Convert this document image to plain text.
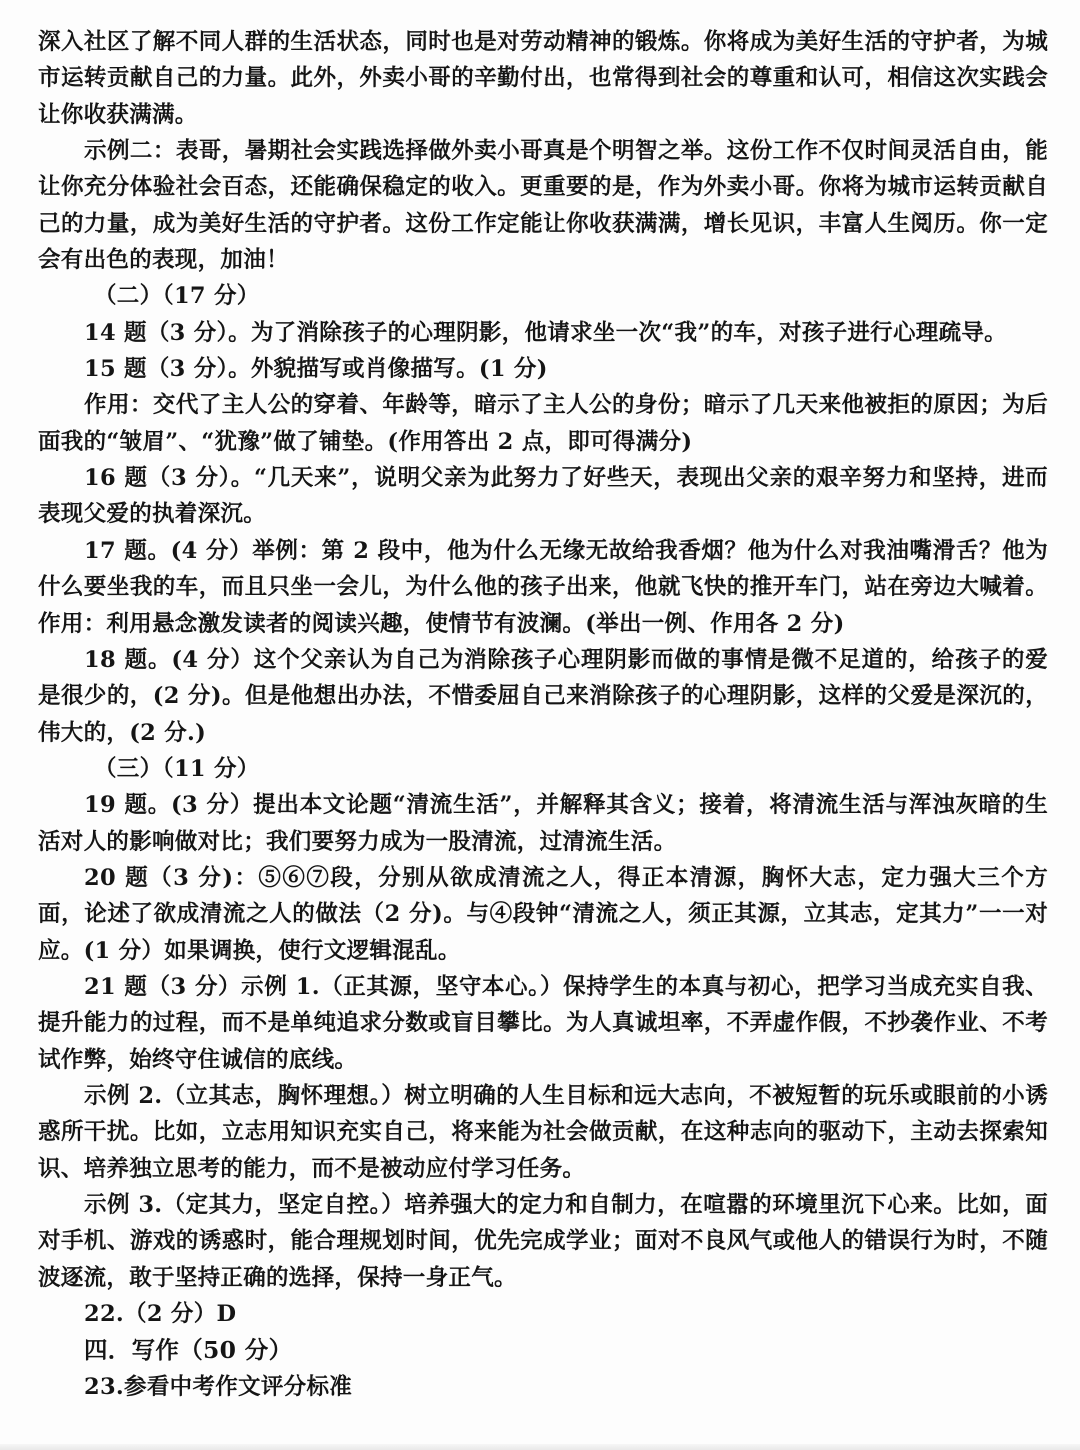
深入社区了解不同人群的生活状态，同时也是对劳动精神的锻炼。你将成为美好生活的守护者，为城市运转贡献自己的力量。此外，外卖小哥的辛勤付出，也常得到社会的尊重和认可，相信这次实践会让你收获满满。

示例二：表哥，暑期社会实践选择做外卖小哥真是个明智之举。这份工作不仅时间灵活自由，能让你充分体验社会百态，还能确保稳定的收入。更重要的是，作为外卖小哥。你将为城市运转贡献自己的力量，成为美好生活的守护者。这份工作定能让你收获满满，增长见识，丰富人生阅历。你一定会有出色的表现，加油！

（二）（17 分）

14 题（3 分）。为了消除孩子的心理阴影，他请求坐一次“我”的车，对孩子进行心理疏导。

15 题（3 分）。外貌描写或肖像描写。(1 分)

作用：交代了主人公的穿着、年龄等，暗示了主人公的身份；暗示了几天来他被拒的原因；为后面我的“皱眉”、“犹豫”做了铺垫。(作用答出 2 点，即可得满分)

16 题（3 分）。“几天来”，说明父亲为此努力了好些天，表现出父亲的艰辛努力和坚持，进而表现父爱的执着深沉。

17 题。(4 分）举例：第 2 段中，他为什么无缘无故给我香烟？他为什么对我油嘴滑舌？他为什么要坐我的车，而且只坐一会儿，为什么他的孩子出来，他就飞快的推开车门，站在旁边大喊着。作用：利用悬念激发读者的阅读兴趣，使情节有波澜。(举出一例、作用各 2 分)

18 题。(4 分）这个父亲认为自己为消除孩子心理阴影而做的事情是微不足道的，给孩子的爱是很少的，(2 分)。但是他想出办法，不惜委屈自己来消除孩子的心理阴影，这样的父爱是深沉的，伟大的，(2 分.)

（三）（11 分）

19 题。(3 分）提出本文论题“清流生活”，并解释其含义；接着，将清流生活与浑浊灰暗的生活对人的影响做对比；我们要努力成为一股清流，过清流生活。

20 题（3 分)：⑤⑥⑦段，分别从欲成清流之人，得正本清源，胸怀大志，定力强大三个方面，论述了欲成清流之人的做法（2 分)。与④段钟“清流之人，须正其源，立其志，定其力”一一对应。(1 分）如果调换，使行文逻辑混乱。

21 题（3 分）示例 1.（正其源，坚守本心。）保持学生的本真与初心，把学习当成充实自我、提升能力的过程，而不是单纯追求分数或盲目攀比。为人真诚坦率，不弄虚作假，不抄袭作业、不考试作弊，始终守住诚信的底线。

示例 2.（立其志，胸怀理想。）树立明确的人生目标和远大志向，不被短暂的玩乐或眼前的小诱惑所干扰。比如，立志用知识充实自己，将来能为社会做贡献，在这种志向的驱动下，主动去探索知识、培养独立思考的能力，而不是被动应付学习任务。

示例 3.（定其力，坚定自控。）培养强大的定力和自制力，在喧嚣的环境里沉下心来。比如，面对手机、游戏的诱惑时，能合理规划时间，优先完成学业；面对不良风气或他人的错误行为时，不随波逐流，敢于坚持正确的选择，保持一身正气。

22.（2 分）D

四．写作（50 分）

23.参看中考作文评分标准
